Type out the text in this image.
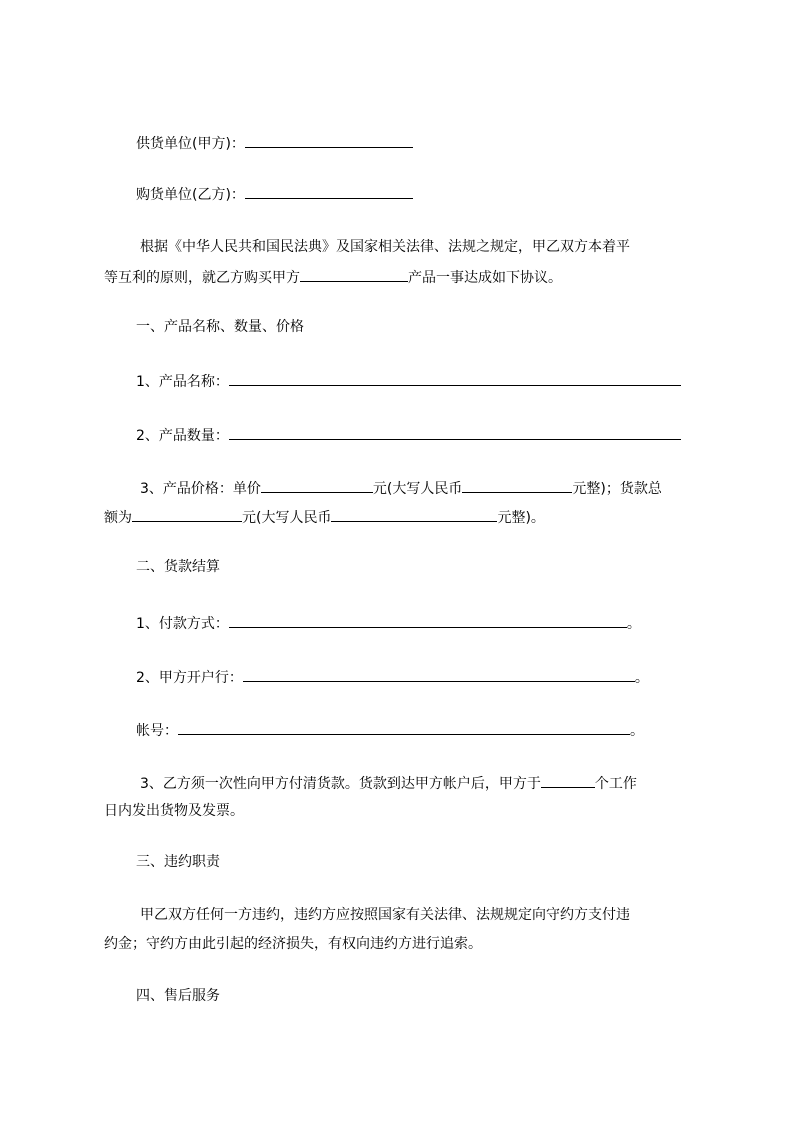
供货单位(甲方)：
购货单位(乙方)：
根据《中华人民共和国民法典》及国家相关法律、法规之规定，甲乙双方本着平
等互利的原则，就乙方购买甲方	产品一事达成如下协议。
一、产品名称、数量、价格
1、产品名称：
2、产品数量：
3、产品价格：单价	元(大写人民币	元整)；货款总
额为	元(大写人民币	元整)。
二、货款结算
1、付款方式：	。
2、甲方开户行：	。
帐号：	。
3、乙方须一次性向甲方付清货款。货款到达甲方帐户后，甲方于	个工作
日内发出货物及发票。
三、违约职责
甲乙双方任何一方违约，违约方应按照国家有关法律、法规规定向守约方支付违
约金；守约方由此引起的经济损失，有权向违约方进行追索。
四、售后服务
